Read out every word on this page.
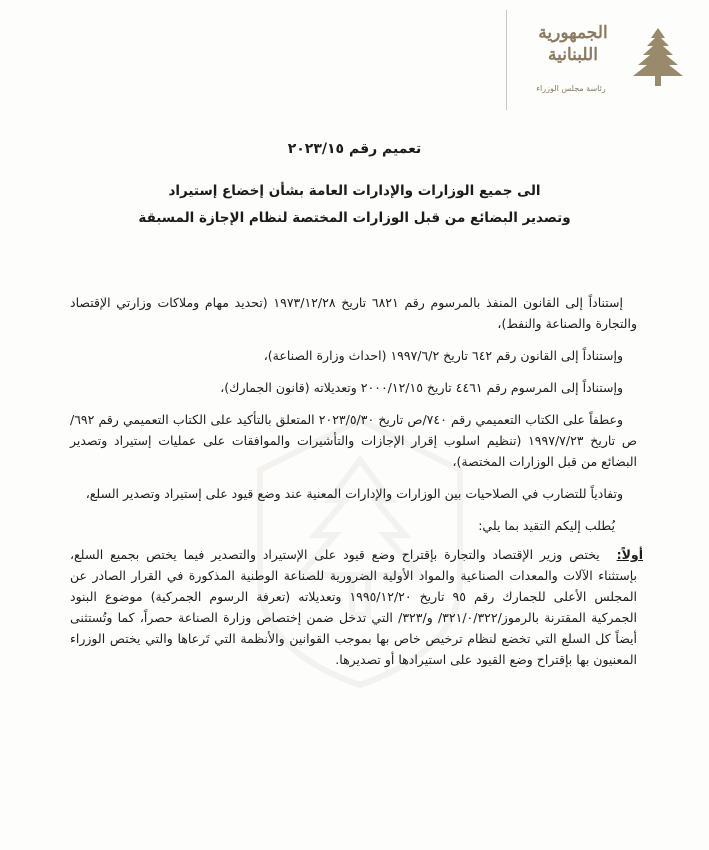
الجمهورية اللبنانية
رئاسة مجلس الوزراء
تعميم رقم ٢٠٢٣/١٥
الى جميع الوزارات والإدارات العامة بشأن إخضاع إستيراد
وتصدير البضائع من قبل الوزارات المختصة لنظام الإجازة المسبقة

إستناداً إلى القانون المنفذ بالمرسوم رقم ٦٨٢١ تاريخ ١٩٧٣/١٢/٢٨ (تحديد مهام وملاكات وزارتي الإقتصاد والتجارة والصناعة والنفط)،

وإستناداً إلى القانون رقم ٦٤٢ تاريخ ١٩٩٧/٦/٢ (احداث وزارة الصناعة)،

وإستناداً إلى المرسوم رقم ٤٤٦١ تاريخ ٢٠٠٠/١٢/١٥ وتعديلاته (قانون الجمارك)،

وعطفاً على الكتاب التعميمي رقم ٧٤٠/ص تاريخ ٢٠٢٣/٥/٣٠ المتعلق بالتأكيد على الكتاب التعميمي رقم ٦٩٢/ص تاريخ ١٩٩٧/٧/٢٣ (تنظيم اسلوب إقرار الإجازات والتأشيرات والموافقات على عمليات إستيراد وتصدير البضائع من قبل الوزارات المختصة)،

وتفادياً للتضارب في الصلاحيات بين الوزارات والإدارات المعنية عند وضع قيود على إستيراد وتصدير السلع،

يُطلب إليكم التقيد بما يلي:

أولاً: يختص وزير الإقتصاد والتجارة بإقتراح وضع قيود على الإستيراد والتصدير فيما يختص بجميع السلع، بإستثناء الآلات والمعدات الصناعية والمواد الأولية الضرورية للصناعة الوطنية المذكورة في القرار الصادر عن المجلس الأعلى للجمارك رقم ٩٥ تاريخ ١٩٩٥/١٢/٢٠ وتعديلاته (تعرفة الرسوم الجمركية) موضوع البنود الجمركية المقترنة بالرموز/٣٢١/٠/٣٢٢/ و/٣٢٣/ التي تدخل ضمن إختصاص وزارة الصناعة حصراً، كما وتُستثنى أيضاً كل السلع التي تخضع لنظام ترخيص خاص بها بموجب القوانين والأنظمة التي تَرعاها والتي يختص الوزراء المعنيون بها بإقتراح وضع القيود على استيرادها أو تصديرها.
